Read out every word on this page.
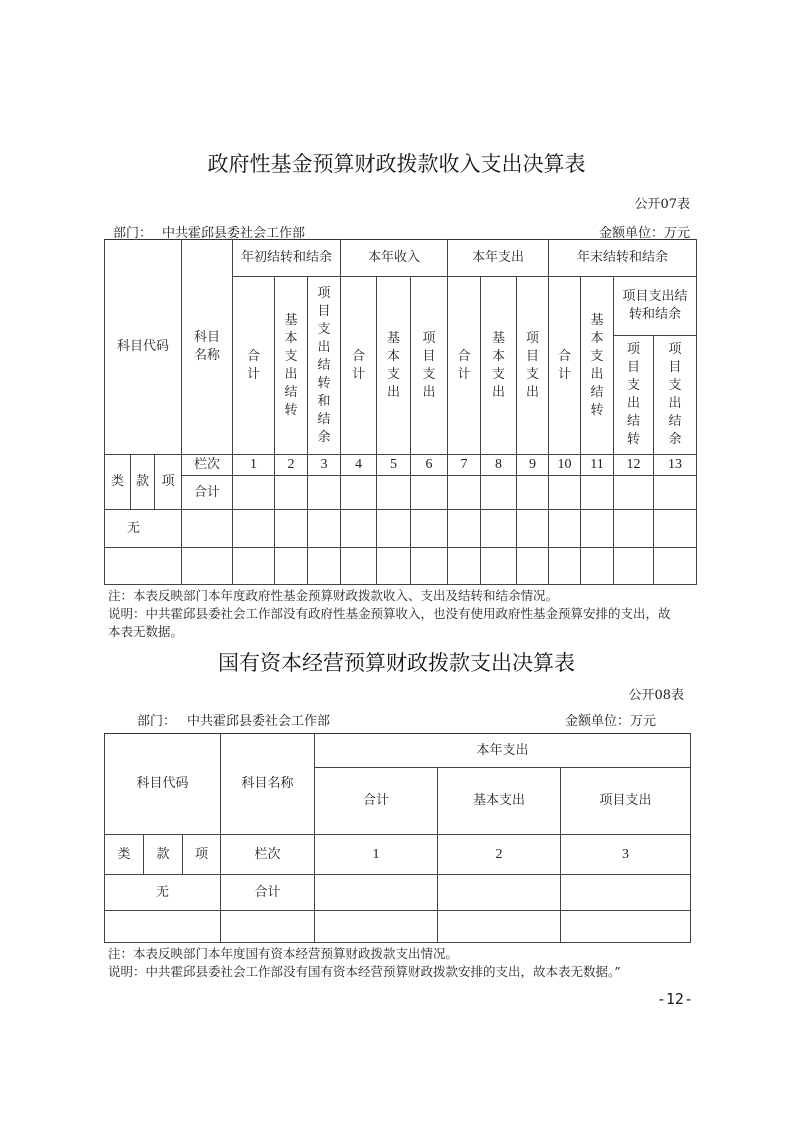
政府性基金预算财政拨款收入支出决算表
公开07表
部门： 中共霍邱县委社会工作部	金额单位：万元
科目代码			科目名称	年初结转和结余			本年收入			本年支出			年末结转和结余			
				合计	基本支出结转	项目支出结转和结余	合计	基本支出	项目支出	合计	基本支出	项目支出	合计	基本支出结转	项目支出结转和结余	
															项目支出结转	项目支出结余
类	款	项	栏次	1	2	3	4	5	6	7	8	9	10	11	12	13
			合计													
无																

注：本表反映部门本年度政府性基金预算财政拨款收入、支出及结转和结余情况。
说明：中共霍邱县委社会工作部没有政府性基金预算收入，也没有使用政府性基金预算安排的支出，故
本表无数据。
国有资本经营预算财政拨款支出决算表
公开08表
部门： 中共霍邱县委社会工作部	金额单位：万元
科目代码			科目名称	本年支出		
				合计	基本支出	项目支出
类	款	项	栏次	1	2	3
无			合计			

注：本表反映部门本年度国有资本经营预算财政拨款支出情况。
说明：中共霍邱县委社会工作部没有国有资本经营预算财政拨款安排的支出，故本表无数据。”
-12-
